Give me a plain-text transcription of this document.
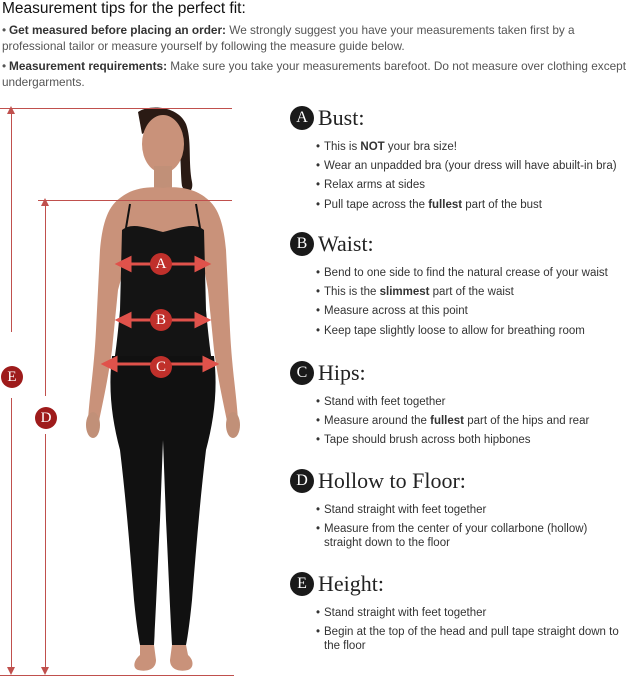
Measurement tips for the perfect fit:
• Get measured before placing an order: We strongly suggest you have your measurements taken first by a professional tailor or measure yourself by following the measure guide below.
• Measurement requirements: Make sure you take your measurements barefoot. Do not measure over clothing except undergarments.
E
D
A
B
C
A Bust:
• This is NOT your bra size!
• Wear an unpadded bra (your dress will have abuilt-in bra)
• Relax arms at sides
• Pull tape across the fullest part of the bust
B Waist:
• Bend to one side to find the natural crease of your waist
• This is the slimmest part of the waist
• Measure across at this point
• Keep tape slightly loose to allow for breathing room
C Hips:
• Stand with feet together
• Measure around the fullest part of the hips and rear
• Tape should brush across both hipbones
D Hollow to Floor:
• Stand straight with feet together
• Measure from the center of your collarbone (hollow) straight down to the floor
E Height:
• Stand straight with feet together
• Begin at the top of the head and pull tape straight down to the floor
